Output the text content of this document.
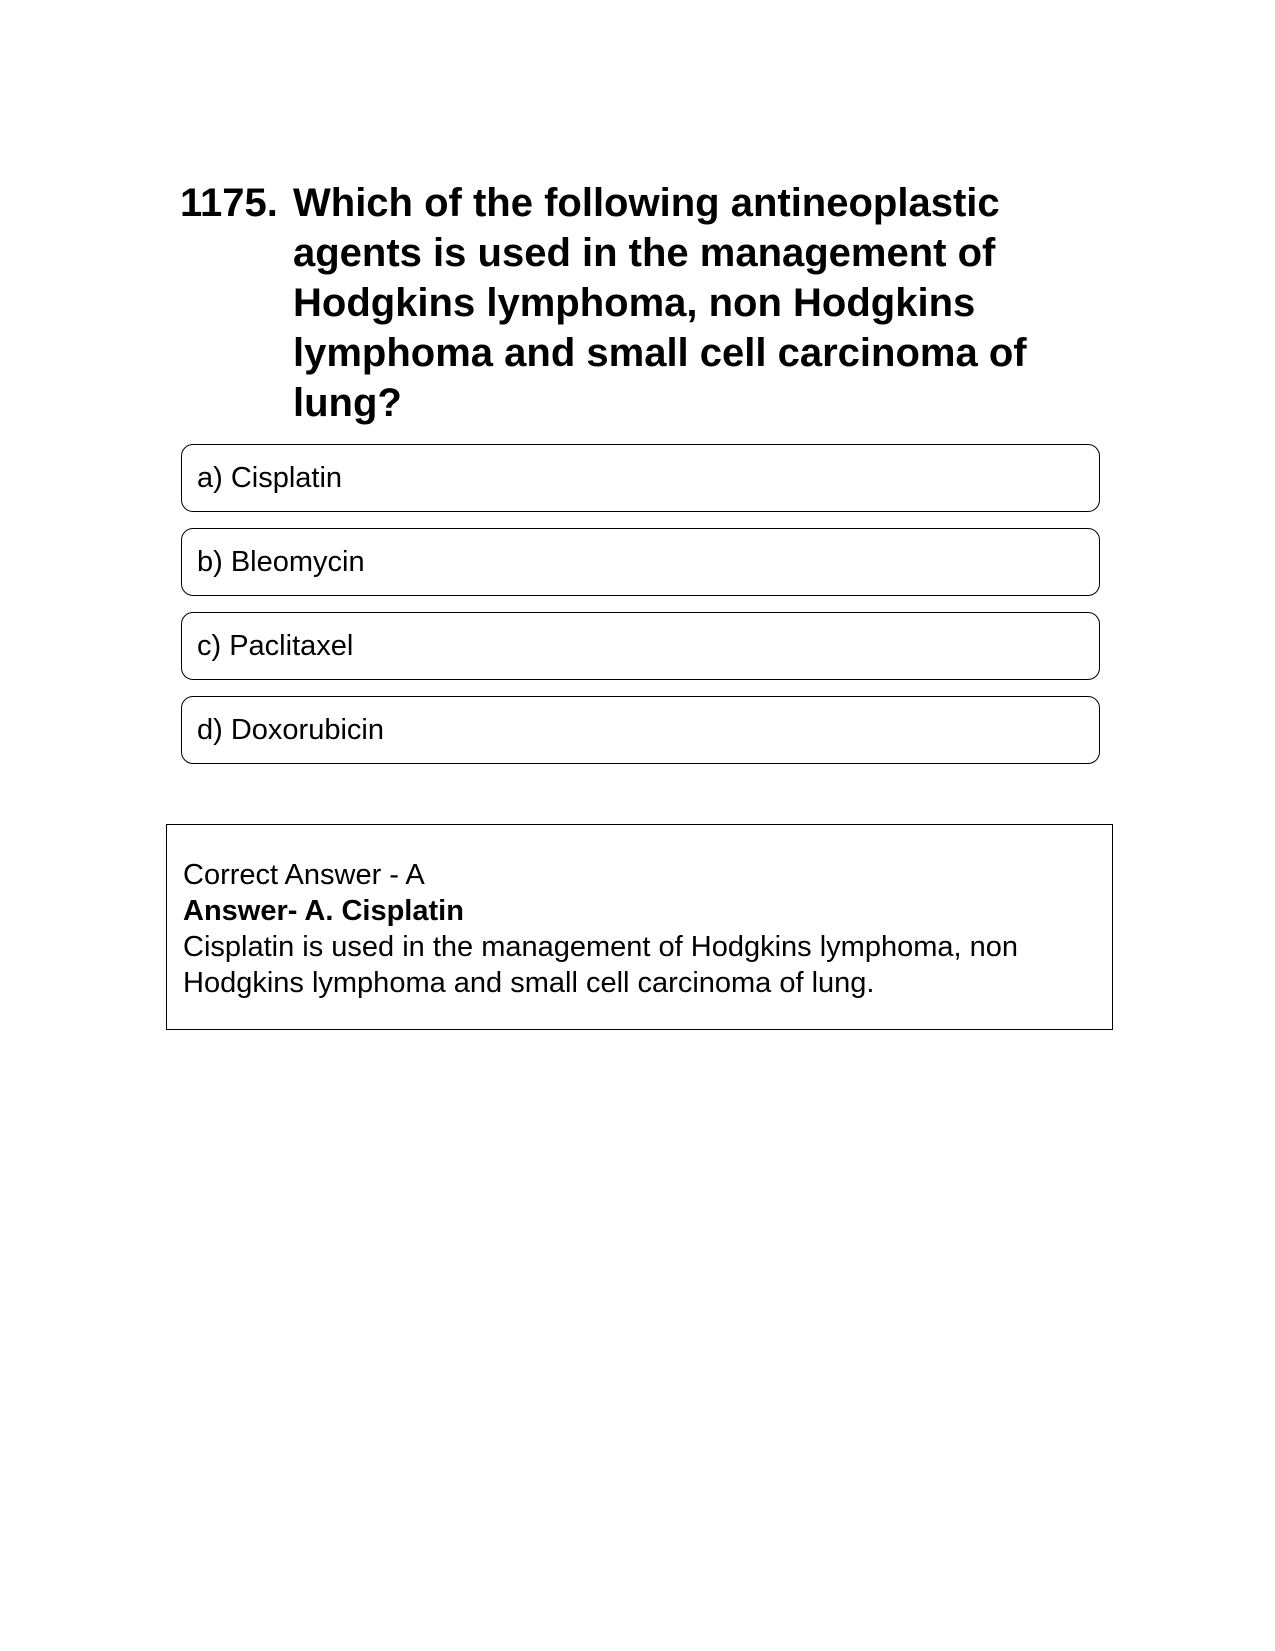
1175. Which of the following antineoplastic agents is used in the management of Hodgkins lymphoma, non Hodgkins lymphoma and small cell carcinoma of lung?
a) Cisplatin
b) Bleomycin
c) Paclitaxel
d) Doxorubicin
Correct Answer - A
Answer- A. Cisplatin
Cisplatin is used in the management of Hodgkins lymphoma, non Hodgkins lymphoma and small cell carcinoma of lung.
